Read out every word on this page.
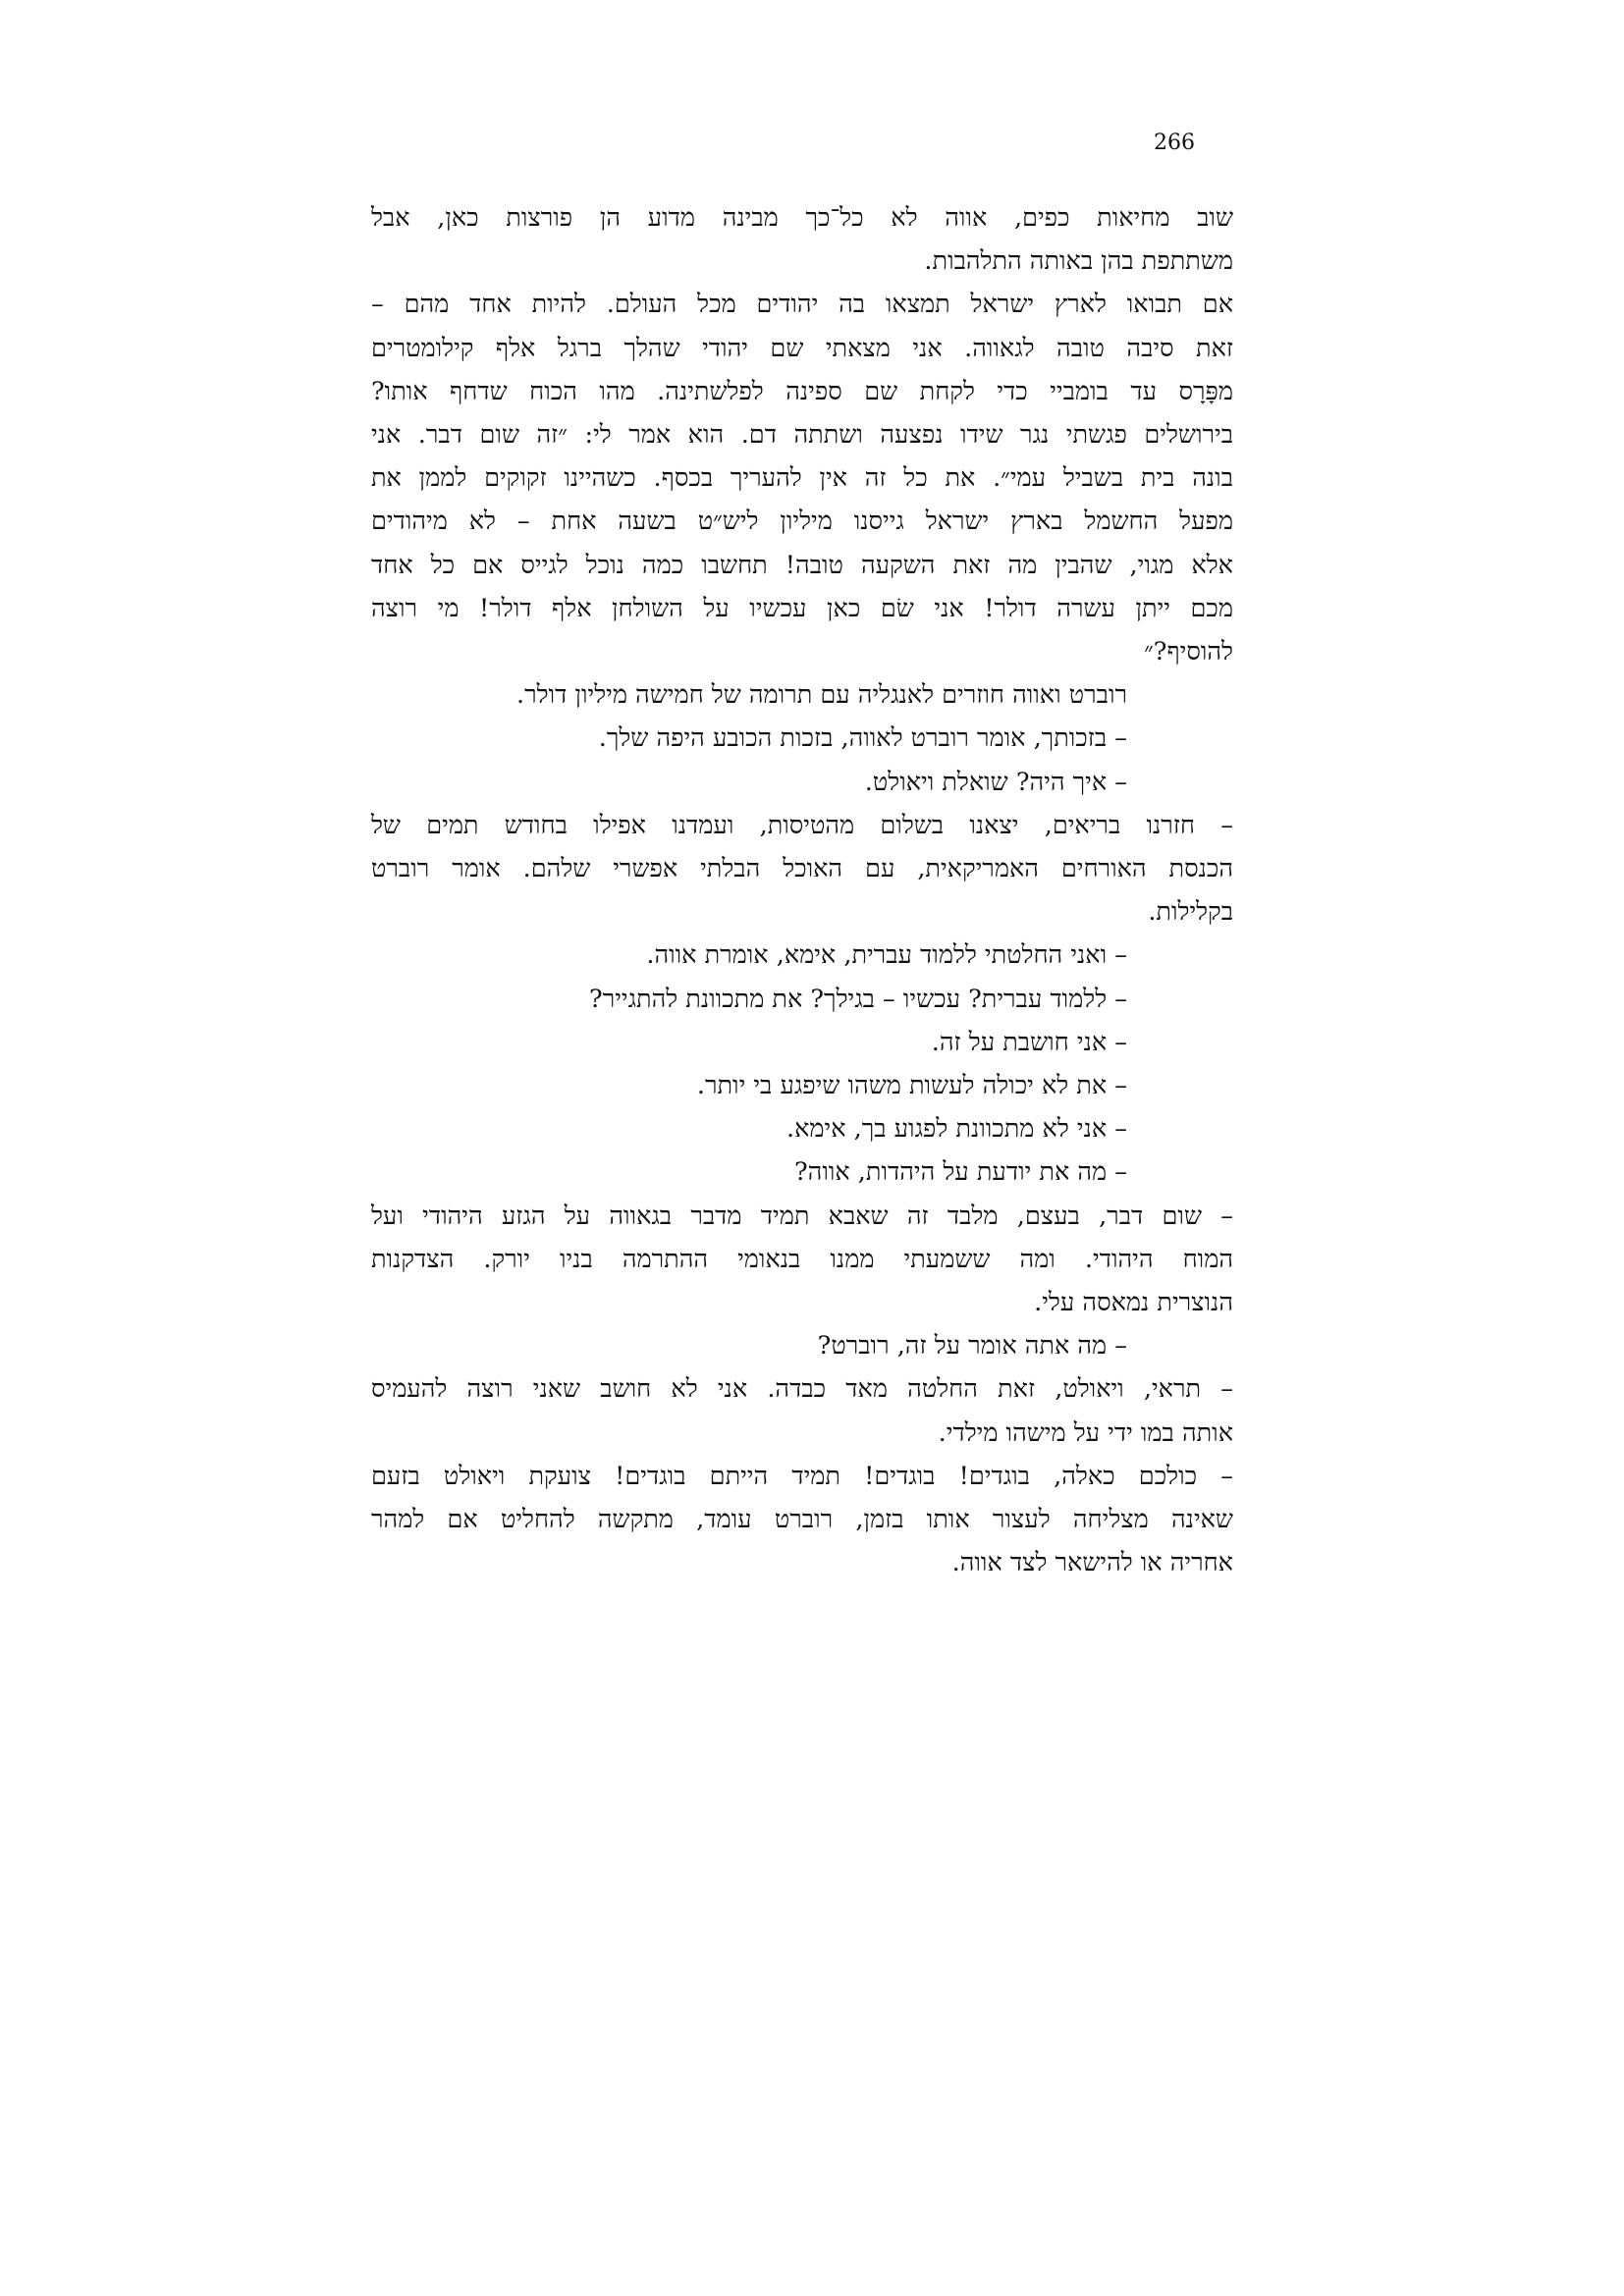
266

שוב מחיאות כפים, אווה לא כל־כך מבינה מדוע הן פורצות כאן, אבל
משתתפת בהן באותה התלהבות.

אם תבואו לארץ ישראל תמצאו בה יהודים מכל העולם. להיות אחד מהם –
זאת סיבה טובה לגאווה. אני מצאתי שם יהודי שהלך ברגל אלף קילומטרים
מפָּרָס עד בומביי כדי לקחת שם ספינה לפלשתינה. מהו הכוח שדחף אותו?
בירושלים פגשתי נגר שידו נפצעה ושתתה דם. הוא אמר לי: ״זה שום דבר. אני
בונה בית בשביל עמי״. את כל זה אין להעריך בכסף. כשהיינו זקוקים לממן את
מפעל החשמל בארץ ישראל גייסנו מיליון ליש״ט בשעה אחת – לא מיהודים
אלא מגוי, שהבין מה זאת השקעה טובה! תחשבו כמה נוכל לגייס אם כל אחד
מכם ייתן עשרה דולר! אני שׂם כאן עכשיו על השולחן אלף דולר! מי רוצה
להוסיף?״

רוברט ואווה חוזרים לאנגליה עם תרומה של חמישה מיליון דולר.

– בזכותך, אומר רוברט לאווה, בזכות הכובע היפה שלך.

– איך היה? שואלת ויאולט.

– חזרנו בריאים, יצאנו בשלום מהטיסות, ועמדנו אפילו בחודש תמים של
הכנסת האורחים האמריקאית, עם האוכל הבלתי אפשרי שלהם. אומר רוברט
בקלילות.

– ואני החלטתי ללמוד עברית, אימא, אומרת אווה.

– ללמוד עברית? עכשיו – בגילך? את מתכוונת להתגייר?

– אני חושבת על זה.

– את לא יכולה לעשות משהו שיפגע בי יותר.

– אני לא מתכוונת לפגוע בך, אימא.

– מה את יודעת על היהדות, אווה?

– שום דבר, בעצם, מלבד זה שאבא תמיד מדבר בגאווה על הגזע היהודי ועל
המוח היהודי. ומה ששמעתי ממנו בנאומי ההתרמה בניו יורק. הצדקנות
הנוצרית נמאסה עלי.

– מה אתה אומר על זה, רוברט?

– תראי, ויאולט, זאת החלטה מאד כבדה. אני לא חושב שאני רוצה להעמיס
אותה במו ידי על מישהו מילדי.

– כולכם כאלה, בוגדים! בוגדים! תמיד הייתם בוגדים! צועקת ויאולט בזעם
שאינה מצליחה לעצור אותו בזמן, רוברט עומד, מתקשה להחליט אם למהר
אחריה או להישאר לצד אווה.
